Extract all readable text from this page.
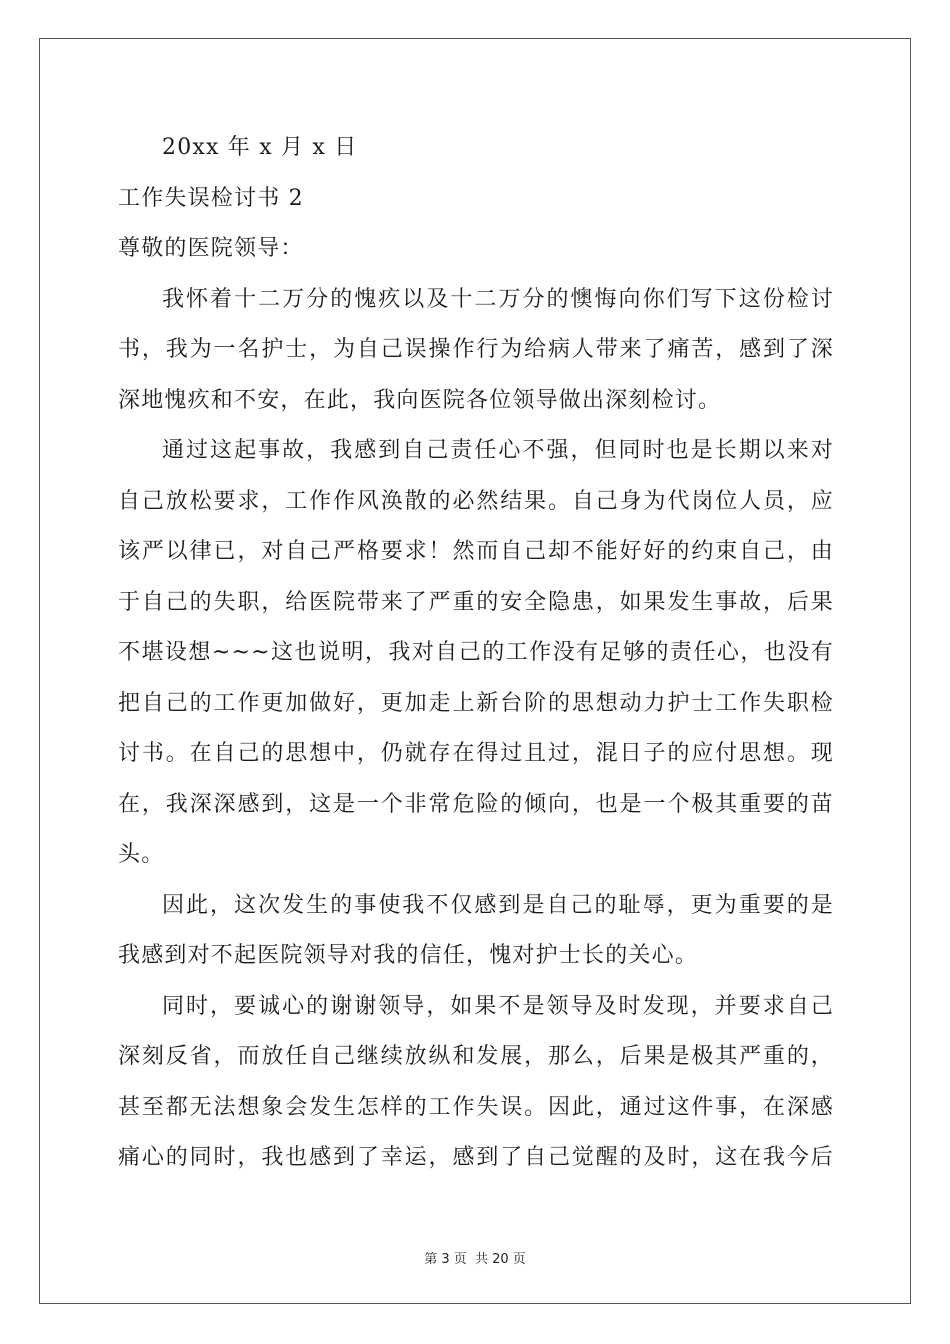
20xx 年 x 月 x 日
工作失误检讨书 2
尊敬的医院领导：
我怀着十二万分的愧疚以及十二万分的懊悔向你们写下这份检讨
书，我为一名护士，为自己误操作行为给病人带来了痛苦，感到了深
深地愧疚和不安，在此，我向医院各位领导做出深刻检讨。
通过这起事故，我感到自己责任心不强，但同时也是长期以来对
自己放松要求，工作作风涣散的必然结果。自己身为代岗位人员，应
该严以律已，对自己严格要求！然而自己却不能好好的约束自己，由
于自己的失职，给医院带来了严重的安全隐患，如果发生事故，后果
不堪设想~~~这也说明，我对自己的工作没有足够的责任心，也没有
把自己的工作更加做好，更加走上新台阶的思想动力护士工作失职检
讨书。在自己的思想中，仍就存在得过且过，混日子的应付思想。现
在，我深深感到，这是一个非常危险的倾向，也是一个极其重要的苗
头。
因此，这次发生的事使我不仅感到是自己的耻辱，更为重要的是
我感到对不起医院领导对我的信任，愧对护士长的关心。
同时，要诚心的谢谢领导，如果不是领导及时发现，并要求自己
深刻反省，而放任自己继续放纵和发展，那么，后果是极其严重的，
甚至都无法想象会发生怎样的工作失误。因此，通过这件事，在深感
痛心的同时，我也感到了幸运，感到了自己觉醒的及时，这在我今后
第 3 页 共 20 页
